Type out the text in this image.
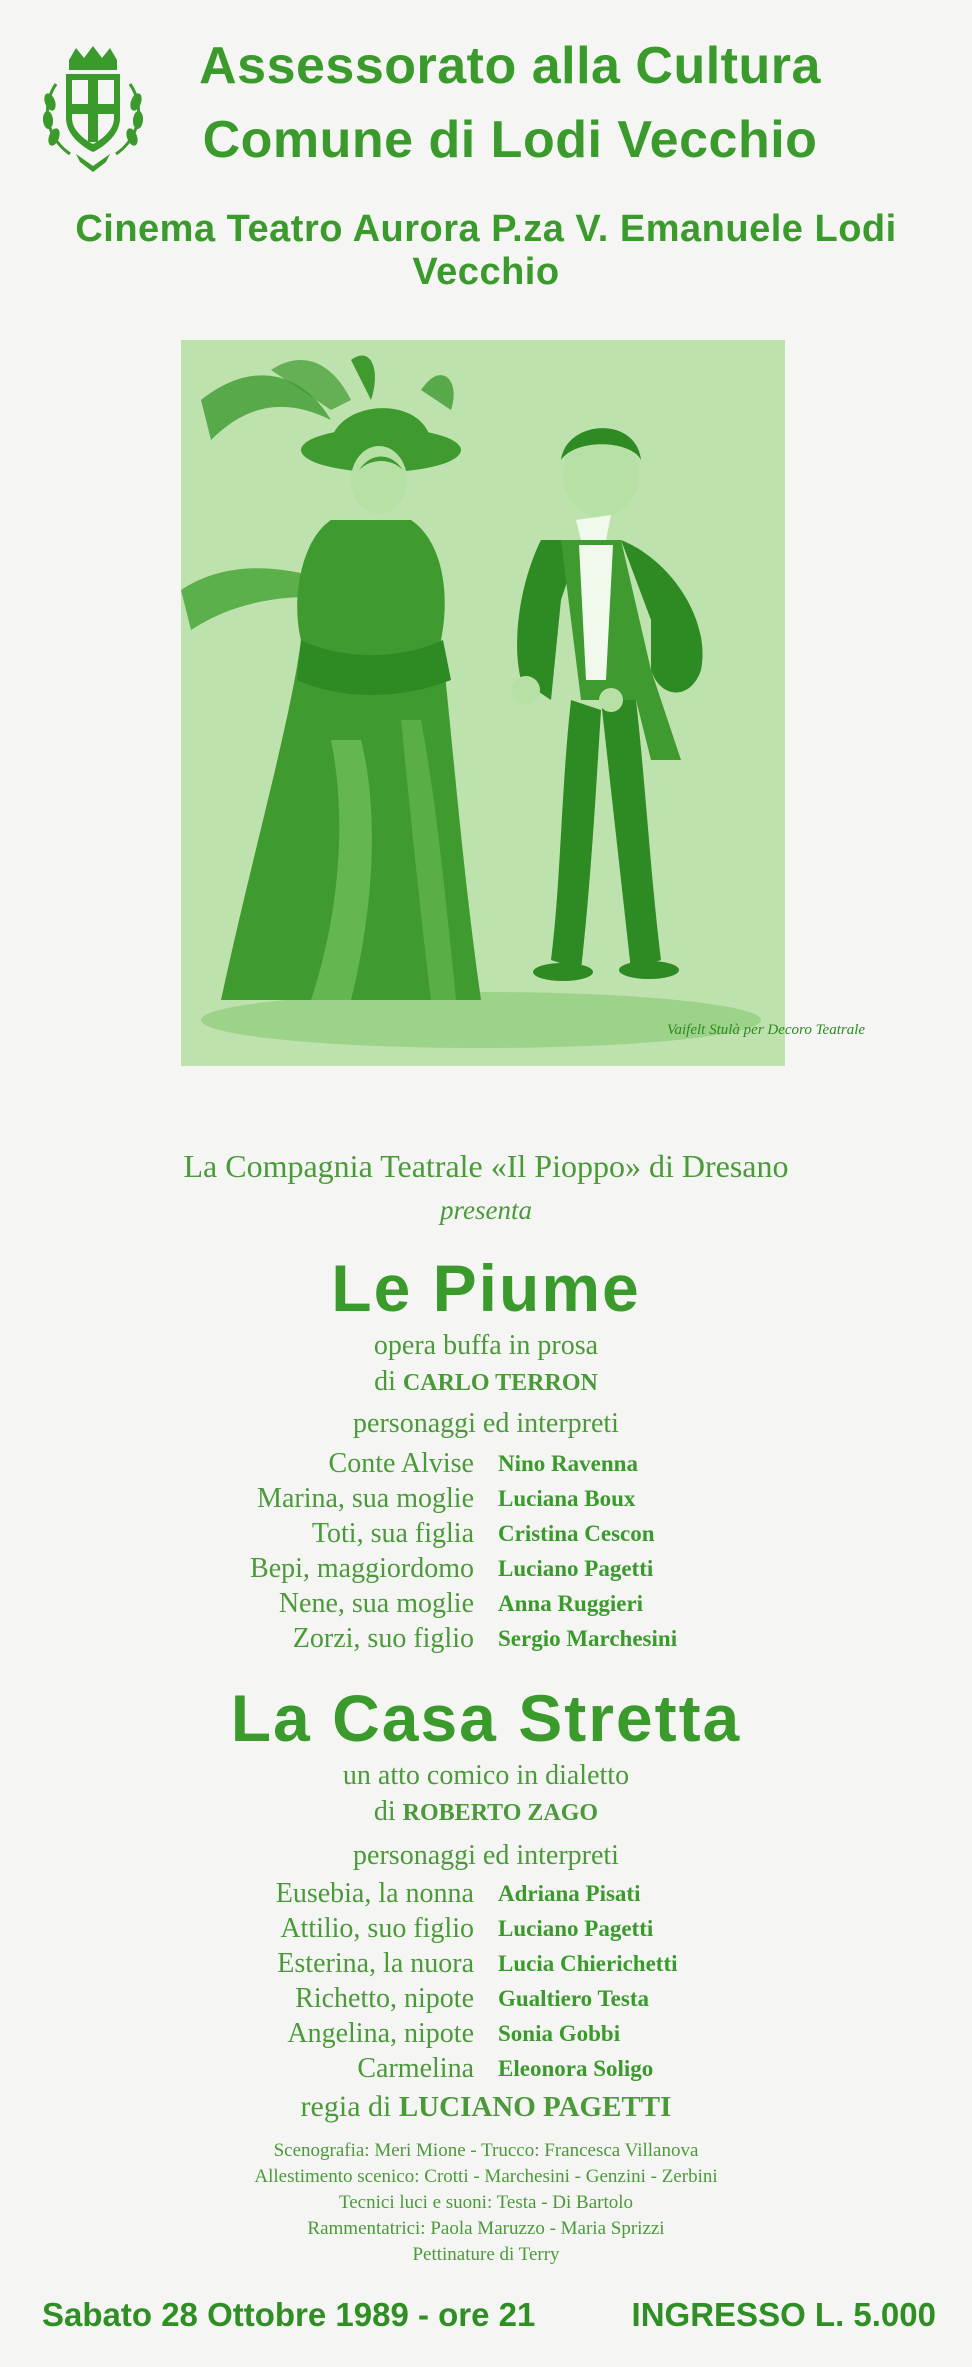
Assessorato alla Cultura
Comune di Lodi Vecchio
Cinema Teatro Aurora P.za V. Emanuele Lodi Vecchio
Vaifelt Stulà per Decoro Teatrale
La Compagnia Teatrale «Il Pioppo» di Dresano
presenta
Le Piume
opera buffa in prosa
di CARLO TERRON
personaggi ed interpreti
Conte Alvise Nino Ravenna
Marina, sua moglie Luciana Boux
Toti, sua figlia Cristina Cescon
Bepi, maggiordomo Luciano Pagetti
Nene, sua moglie Anna Ruggieri
Zorzi, suo figlio Sergio Marchesini
La Casa Stretta
un atto comico in dialetto
di ROBERTO ZAGO
personaggi ed interpreti
Eusebia, la nonna Adriana Pisati
Attilio, suo figlio Luciano Pagetti
Esterina, la nuora Lucia Chierichetti
Richetto, nipote Gualtiero Testa
Angelina, nipote Sonia Gobbi
Carmelina Eleonora Soligo
regia di LUCIANO PAGETTI
Scenografia: Meri Mione - Trucco: Francesca Villanova
Allestimento scenico: Crotti - Marchesini - Genzini - Zerbini
Tecnici luci e suoni: Testa - Di Bartolo
Rammentatrici: Paola Maruzzo - Maria Sprizzi
Pettinature di Terry
Sabato 28 Ottobre 1989 - ore 21	INGRESSO L. 5.000
